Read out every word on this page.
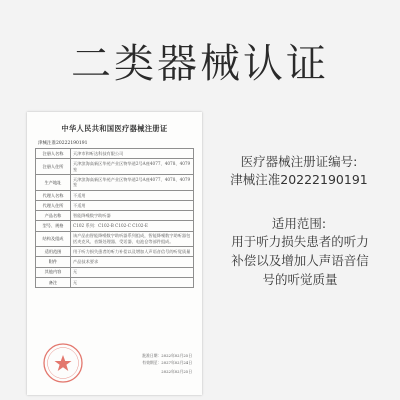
二类器械认证
中华人民共和国医疗器械注册证
津械注准20222190191
注册人名称	天津市和听达科技有限公司
注册人住所	天津滨海高新区华苑产业区物华道2号A座4077、4078、4079室
生产地址	天津滨海高新区华苑产业区物华道2号A座4077、4078、4079室
代理人名称	不适用
代理人住所	不适用
产品名称	智能降噪数字助听器
型号、规格	C102 系列：C102-B C102-C C102-E
结构及组成	该产品由智能降噪数字助听器系列组成，智能降噪数字助听器包括麦克风、音频处理器、受话器、电池仓等部件组成。
适用范围	用于听力损失患者的听力补偿以及增加人声语音信号的听觉质量
附件	产品技术要求
其他内容	无
备注	无
批准日期：2022年02月25日
有效期至：2027年02月24日
2022年02月25日
医疗器械注册证编号:
津械注准20222190191
适用范围:
用于听力损失患者的听力
补偿以及增加人声语音信
号的听觉质量
